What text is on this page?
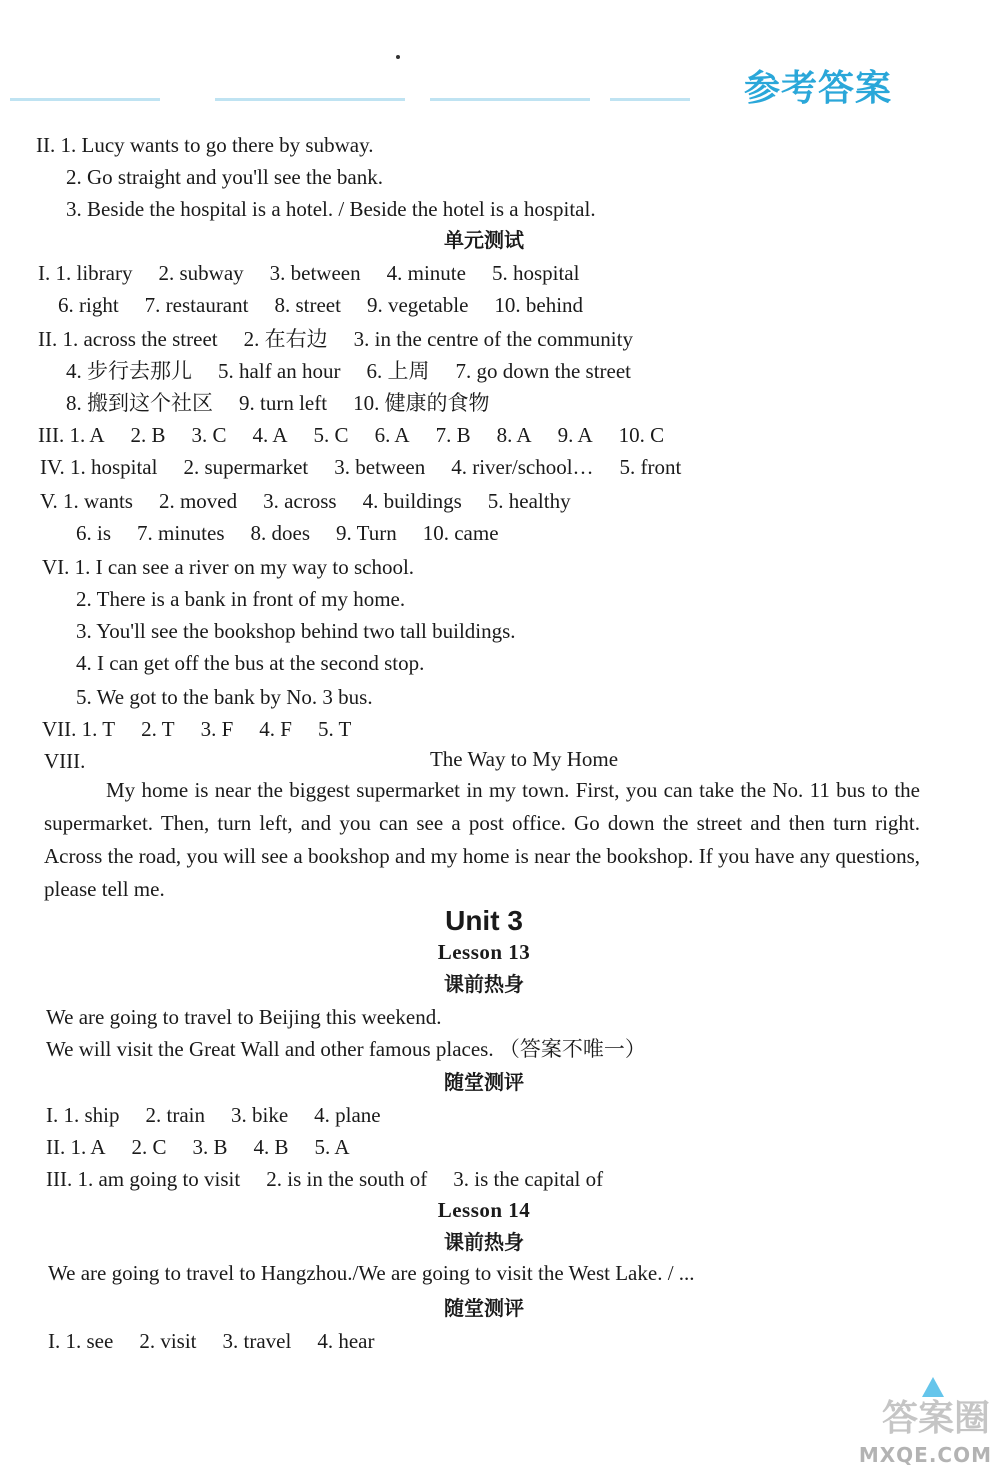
参考答案
II. 1. Lucy wants to go there by subway.
2. Go straight and you'll see the bank.
3. Beside the hospital is a hotel. / Beside the hotel is a hospital.
I. 1. library 2. subway 3. between 4. minute 5. hospital
6. right 7. restaurant 8. street 9. vegetable 10. behind
II. 1. across the street 2. 在右边 3. in the centre of the community
4. 步行去那儿 5. half an hour 6. 上周 7. go down the street
8. 搬到这个社区 9. turn left 10. 健康的食物
III. 1. A 2. B 3. C 4. A 5. C 6. A 7. B 8. A 9. A 10. C
IV. 1. hospital 2. supermarket 3. between 4. river/school… 5. front
V. 1. wants 2. moved 3. across 4. buildings 5. healthy
6. is 7. minutes 8. does 9. Turn 10. came
VI. 1. I can see a river on my way to school.
2. There is a bank in front of my home.
3. You'll see the bookshop behind two tall buildings.
4. I can get off the bus at the second stop.
5. We got to the bank by No. 3 bus.
VII. 1. T 2. T 3. F 4. F 5. T
VIII.
We are going to travel to Beijing this weekend.
We will visit the Great Wall and other famous places. （答案不唯一）
I. 1. ship 2. train 3. bike 4. plane
II. 1. A 2. C 3. B 4. B 5. A
III. 1. am going to visit 2. is in the south of 3. is the capital of
We are going to travel to Hangzhou./We are going to visit the West Lake. / ...
I. 1. see 2. visit 3. travel 4. hear
单元测试
The Way to My Home
Unit 3
Lesson 13
课前热身
随堂测评
Lesson 14
课前热身
随堂测评
My home is near the biggest supermarket in my town. First, you can take the No. 11 bus to the supermarket. Then, turn left, and you can see a post office. Go down the street and then turn right. Across the road, you will see a bookshop and my home is near the bookshop. If you have any questions, please tell me.
答案圈
MXQE.COM
